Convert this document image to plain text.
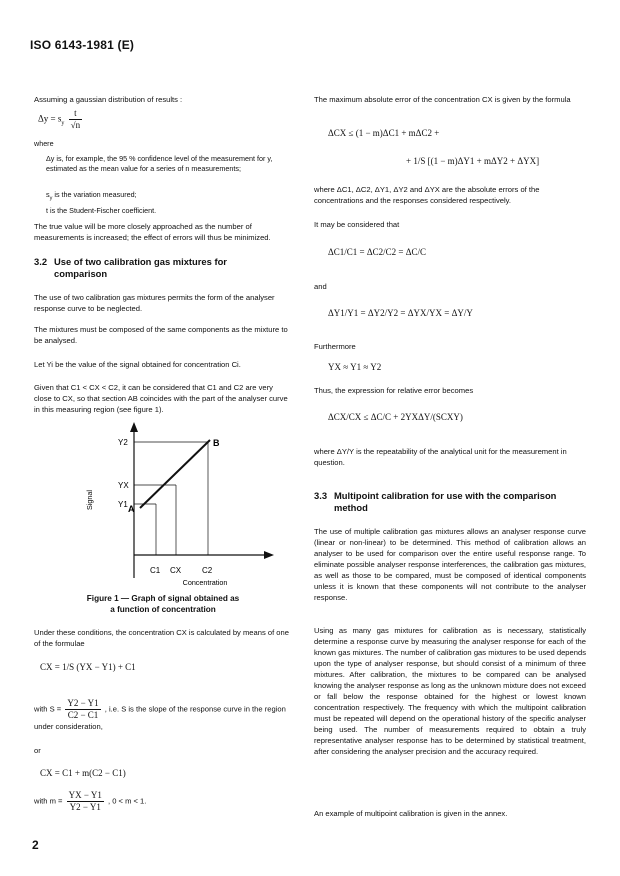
ISO 6143-1981 (E)

Assuming a gaussian distribution of results :

$\Delta y = s_y \frac{t}{√n}$

where

Δy is, for example, the 95 % confidence level of the measurement for y, estimated as the mean value for a series of n measurements;

$s_y$ is the variation measured;

t is the Student-Fischer coefficient.

The true value will be more closely approached as the number of measurements is increased; the effect of errors will thus be minimized.

3.2 Use of two calibration gas mixtures for comparison

The use of two calibration gas mixtures permits the form of the analyser response curve to be neglected.

The mixtures must be composed of the same components as the mixture to be analysed.

Let Yi be the value of the signal obtained for concentration Ci.

Given that C1 < CX < C2, it can be considered that C1 and C2 are very close to CX, so that section AB coincides with the part of the analyser curve in this measuring region (see figure 1).

Signal
Y2
YX
Y1
C1 CX	C2
Concentration
A
B
Figure 1 — Graph of signal obtained as
a function of concentration

Under these conditions, the concentration CX is calculated by means of one of the formulae

CX = 1/S (YX − Y1) + C1
with $S = \frac{Y2 - Y1}{C2 - C1}$ , i.e. S is the slope of the response curve in the region under consideration,

or

CX = C1 + m(C2 − C1)
with $m = \frac{YX - Y1}{Y2 - Y1}$ , 0 < m < 1.

The maximum absolute error of the concentration CX is given by the formula

ΔCX ≤ (1 − m)ΔC1 + mΔC2 +
+ 1/S [(1 − m)ΔY1 + mΔY2 + ΔYX]

where ΔC1, ΔC2, ΔY1, ΔY2 and ΔYX are the absolute errors of the concentrations and the responses considered respectively.

It may be considered that

ΔC1/C1 = ΔC2/C2 = ΔC/C

and

ΔY1/Y1 = ΔY2/Y2 = ΔYX/YX = ΔY/Y

Furthermore

YX ≈ Y1 ≈ Y2

Thus, the expression for relative error becomes

ΔCX/CX ≤ ΔC/C + 2YXΔY/(SCXY)

where ΔY/Y is the repeatability of the analytical unit for the measurement in question.

3.3 Multipoint calibration for use with the comparison method

The use of multiple calibration gas mixtures allows an analyser response curve (linear or non-linear) to be determined. This method of calibration allows an analyser to be used for comparison over the entire useful response range. To eliminate possible analyser response interferences, the calibration gas mixtures, as well as those to be compared, must be composed of identical components unless it is known that these components will not contribute to the analyser response.

Using as many gas mixtures for calibration as is necessary, statistically determine a response curve by measuring the analyser response for each of the known gas mixtures. The number of calibration gas mixtures to be used depends upon the type of analyser response, but should consist of a minimum of three mixtures. After calibration, the mixtures to be compared can be analysed knowing the analyser response as long as the unknown mixture does not exceed or fall below the response obtained for the highest or lowest known concentration respectively. The frequency with which the multipoint calibration must be repeated will depend on the operational history of the specific analyser being used. The number of measurements required to obtain a truly representative analyser response has to be determined by statistical treatment, after considering the analyser precision and the accuracy required.

An example of multipoint calibration is given in the annex.

2
